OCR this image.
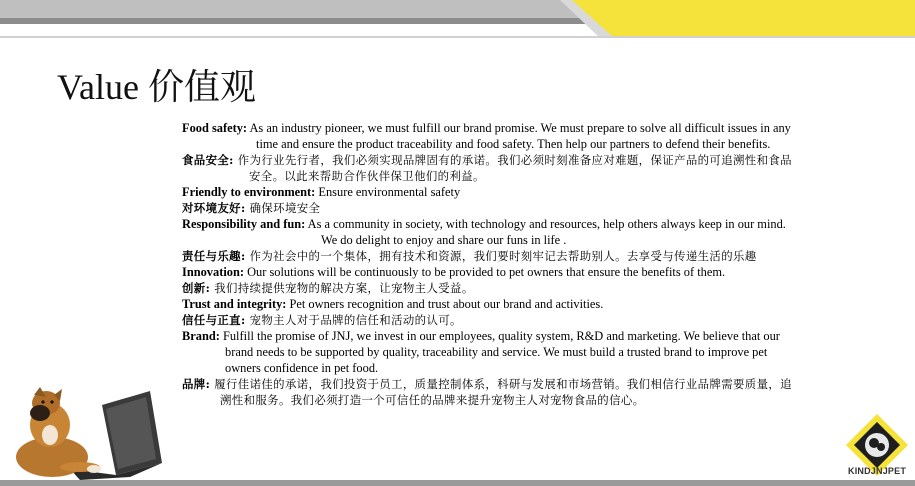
Value 价值观
Food safety: As an industry pioneer, we must fulfill our brand promise. We must prepare to solve all difficult issues in any time and ensure the product traceability and food safety. Then help our partners to defend their benefits.
食品安全: 作为行业先行者，我们必须实现品牌固有的承诺。我们必须时刻准备应对难题，保证产品的可追溯性和食品安全。以此来帮助合作伙伴保卫他们的利益。
Friendly to environment: Ensure environmental safety
对环境友好: 确保环境安全
Responsibility and fun: As a community in society, with technology and resources, help others always keep in our mind. We do delight to enjoy and share our funs in life .
责任与乐趣: 作为社会中的一个集体，拥有技术和资源，我们要时刻牢记去帮助别人。去享受与传递生活的乐趣
Innovation: Our solutions will be continuously to be provided to pet owners that ensure the benefits of them.
创新: 我们持续提供宠物的解决方案，让宠物主人受益。
Trust and integrity: Pet owners recognition and trust about our brand and activities.
信任与正直: 宠物主人对于品牌的信任和活动的认可。
Brand: Fulfill the promise of JNJ, we invest in our employees, quality system, R&D and marketing. We believe that our brand needs to be supported by quality, traceability and service. We must build a trusted brand to improve pet owners confidence in pet food.
品牌: 履行佳诺佳的承诺，我们投资于员工，质量控制体系，科研与发展和市场营销。我们相信行业品牌需要质量，追溯性和服务。我们必须打造一个可信任的品牌来提升宠物主人对宠物食品的信心。
KINDJNJPET
